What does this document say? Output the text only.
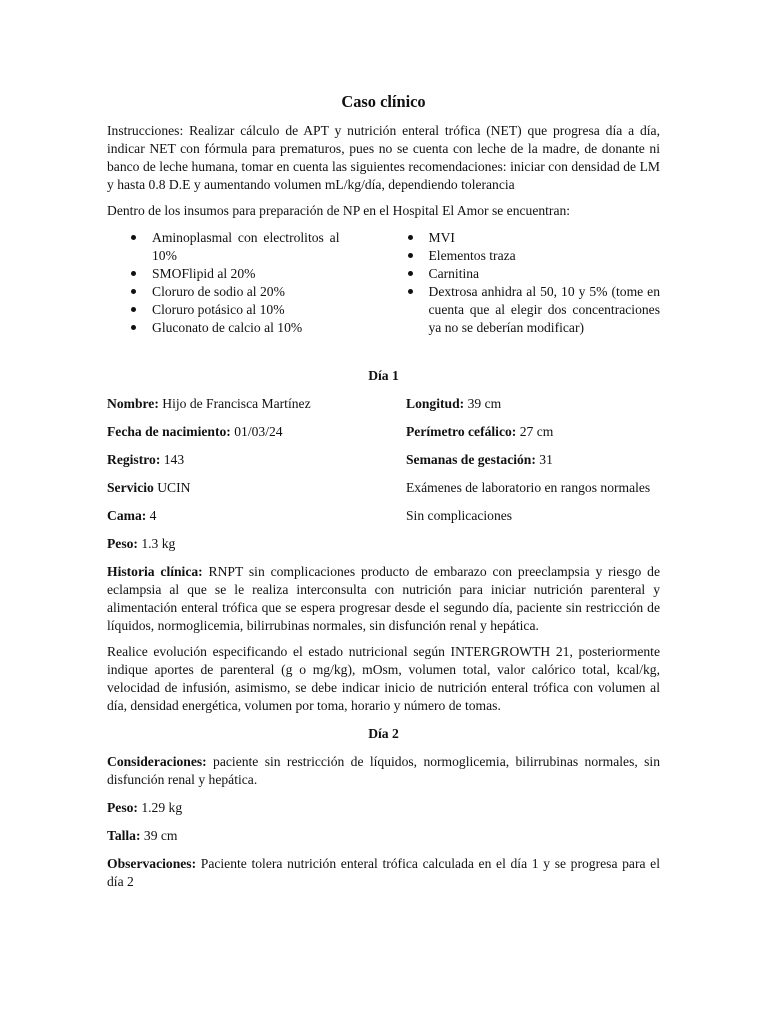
Caso clínico

Instrucciones: Realizar cálculo de APT y nutrición enteral trófica (NET) que progresa día a día, indicar NET con fórmula para prematuros, pues no se cuenta con leche de la madre, de donante ni banco de leche humana, tomar en cuenta las siguientes recomendaciones: iniciar con densidad de LM y hasta 0.8 D.E y aumentando volumen mL/kg/día, dependiendo tolerancia

Dentro de los insumos para preparación de NP en el Hospital El Amor se encuentran:

Aminoplasmal con electrolitos al 10%
SMOFlipid al 20%
Cloruro de sodio al 20%
Cloruro potásico al 10%
Gluconato de calcio al 10%
MVI
Elementos traza
Carnitina
Dextrosa anhidra al 50, 10 y 5% (tome en cuenta que al elegir dos concentraciones ya no se deberían modificar)
Día 1
Nombre: Hijo de Francisca Martínez	Longitud: 39 cm
Fecha de nacimiento: 01/03/24	Perímetro cefálico: 27 cm
Registro: 143	Semanas de gestación: 31
Servicio UCIN	Exámenes de laboratorio en rangos normales
Cama: 4	Sin complicaciones
Peso: 1.3 kg

Historia clínica: RNPT sin complicaciones producto de embarazo con preeclampsia y riesgo de eclampsia al que se le realiza interconsulta con nutrición para iniciar nutrición parenteral y alimentación enteral trófica que se espera progresar desde el segundo día, paciente sin restricción de líquidos, normoglicemia, bilirrubinas normales, sin disfunción renal y hepática.

Realice evolución especificando el estado nutricional según INTERGROWTH 21, posteriormente indique aportes de parenteral (g o mg/kg), mOsm, volumen total, valor calórico total, kcal/kg, velocidad de infusión, asimismo, se debe indicar inicio de nutrición enteral trófica con volumen al día, densidad energética, volumen por toma, horario y número de tomas.

Día 2

Consideraciones: paciente sin restricción de líquidos, normoglicemia, bilirrubinas normales, sin disfunción renal y hepática.

Peso: 1.29 kg

Talla: 39 cm

Observaciones: Paciente tolera nutrición enteral trófica calculada en el día 1 y se progresa para el día 2
